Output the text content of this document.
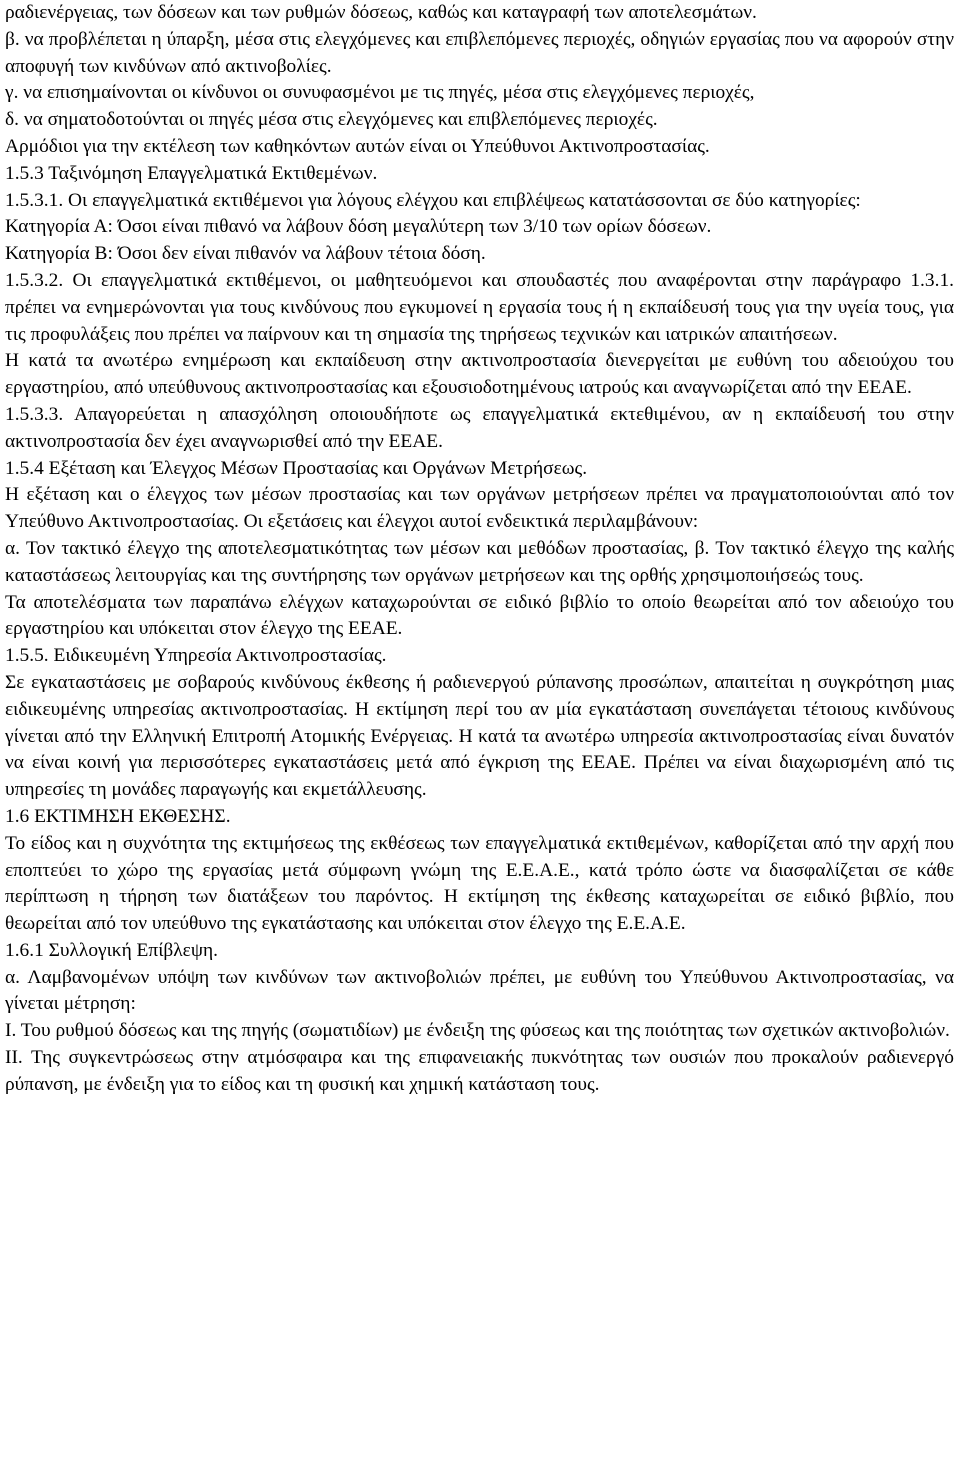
ραδιενέργειας, των δόσεων και των ρυθμών δόσεως, καθώς και καταγραφή των αποτελεσμάτων.

β. να προβλέπεται η ύπαρξη, μέσα στις ελεγχόμενες και επιβλεπόμενες περιοχές, οδηγιών εργασίας που να αφορούν στην αποφυγή των κινδύνων από ακτινοβολίες.

γ. να επισημαίνονται οι κίνδυνοι οι συνυφασμένοι με τις πηγές, μέσα στις ελεγχόμενες περιοχές,

δ. να σηματοδοτούνται οι πηγές μέσα στις ελεγχόμενες και επιβλεπόμενες περιοχές.

Αρμόδιοι για την εκτέλεση των καθηκόντων αυτών είναι οι Υπεύθυνοι Ακτινοπροστασίας.

1.5.3 Ταξινόμηση Επαγγελματικά Εκτιθεμένων.

1.5.3.1. Οι επαγγελματικά εκτιθέμενοι για λόγους ελέγχου και επιβλέψεως κατατάσσονται σε δύο κατηγορίες:

Κατηγορία Α: Όσοι είναι πιθανό να λάβουν δόση μεγαλύτερη των 3/10 των ορίων δόσεων.

Κατηγορία Β: Όσοι δεν είναι πιθανόν να λάβουν τέτοια δόση.

1.5.3.2. Οι επαγγελματικά εκτιθέμενοι, οι μαθητευόμενοι και σπουδαστές που αναφέρονται στην παράγραφο 1.3.1. πρέπει να ενημερώνονται για τους κινδύνους που εγκυμονεί η εργασία τους ή η εκπαίδευσή τους για την υγεία τους, για τις προφυλάξεις που πρέπει να παίρνουν και τη σημασία της τηρήσεως τεχνικών και ιατρικών απαιτήσεων.

Η κατά τα ανωτέρω ενημέρωση και εκπαίδευση στην ακτινοπροστασία διενεργείται με ευθύνη του αδειούχου του εργαστηρίου, από υπεύθυνους ακτινοπροστασίας και εξουσιοδοτημένους ιατρούς και αναγνωρίζεται από την ΕΕΑΕ.

1.5.3.3. Απαγορεύεται η απασχόληση οποιουδήποτε ως επαγγελματικά εκτεθιμένου, αν η εκπαίδευσή του στην ακτινοπροστασία δεν έχει αναγνωρισθεί από την ΕΕΑΕ.

1.5.4 Εξέταση και Έλεγχος Μέσων Προστασίας και Οργάνων Μετρήσεως.

Η εξέταση και ο έλεγχος των μέσων προστασίας και των οργάνων μετρήσεων πρέπει να πραγματοποιούνται από τον Υπεύθυνο Ακτινοπροστασίας. Οι εξετάσεις και έλεγχοι αυτοί ενδεικτικά περιλαμβάνουν:

α. Τον τακτικό έλεγχο της αποτελεσματικότητας των μέσων και μεθόδων προστασίας, β. Τον τακτικό έλεγχο της καλής καταστάσεως λειτουργίας και της συντήρησης των οργάνων μετρήσεων και της ορθής χρησιμοποιήσεώς τους.

Τα αποτελέσματα των παραπάνω ελέγχων καταχωρούνται σε ειδικό βιβλίο το οποίο θεωρείται από τον αδειούχο του εργαστηρίου και υπόκειται στον έλεγχο της ΕΕΑΕ.

1.5.5. Ειδικευμένη Υπηρεσία Ακτινοπροστασίας.

Σε εγκαταστάσεις με σοβαρούς κινδύνους έκθεσης ή ραδιενεργού ρύπανσης προσώπων, απαιτείται η συγκρότηση μιας ειδικευμένης υπηρεσίας ακτινοπροστασίας. Η εκτίμηση περί του αν μία εγκατάσταση συνεπάγεται τέτοιους κινδύνους γίνεται από την Ελληνική Επιτροπή Ατομικής Ενέργειας. Η κατά τα ανωτέρω υπηρεσία ακτινοπροστασίας είναι δυνατόν να είναι κοινή για περισσότερες εγκαταστάσεις μετά από έγκριση της ΕΕΑΕ. Πρέπει να είναι διαχωρισμένη από τις υπηρεσίες τη μονάδες παραγωγής και εκμετάλλευσης.

1.6 ΕΚΤΙΜΗΣΗ ΕΚΘΕΣΗΣ.

Το είδος και η συχνότητα της εκτιμήσεως της εκθέσεως των επαγγελματικά εκτιθεμένων, καθορίζεται από την αρχή που εποπτεύει το χώρο της εργασίας μετά σύμφωνη γνώμη της Ε.Ε.Α.Ε., κατά τρόπο ώστε να διασφαλίζεται σε κάθε περίπτωση η τήρηση των διατάξεων του παρόντος. Η εκτίμηση της έκθεσης καταχωρείται σε ειδικό βιβλίο, που θεωρείται από τον υπεύθυνο της εγκατάστασης και υπόκειται στον έλεγχο της Ε.Ε.Α.Ε.

1.6.1 Συλλογική Επίβλεψη.

α. Λαμβανομένων υπόψη των κινδύνων των ακτινοβολιών πρέπει, με ευθύνη του Υπεύθυνου Ακτινοπροστασίας, να γίνεται μέτρηση:

Ι. Του ρυθμού δόσεως και της πηγής (σωματιδίων) με ένδειξη της φύσεως και της ποιότητας των σχετικών ακτινοβολιών.

ΙΙ. Της συγκεντρώσεως στην ατμόσφαιρα και της επιφανειακής πυκνότητας των ουσιών που προκαλούν ραδιενεργό ρύπανση, με ένδειξη για το είδος και τη φυσική και χημική κατάσταση τους.
